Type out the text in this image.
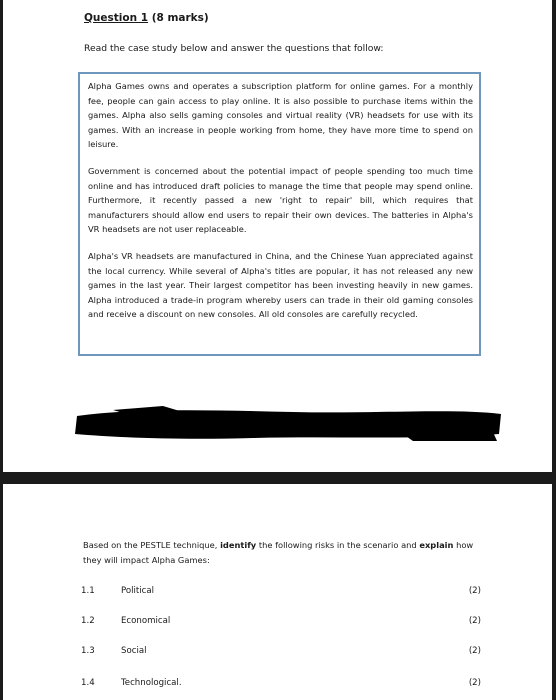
Question 1 (8 marks)
Read the case study below and answer the questions that follow:

Alpha Games owns and operates a subscription platform for online games. For a monthly fee, people can gain access to play online. It is also possible to purchase items within the games. Alpha also sells gaming consoles and virtual reality (VR) headsets for use with its games. With an increase in people working from home, they have more time to spend on leisure.

Government is concerned about the potential impact of people spending too much time online and has introduced draft policies to manage the time that people may spend online. Furthermore, it recently passed a new 'right to repair' bill, which requires that manufacturers should allow end users to repair their own devices. The batteries in Alpha's VR headsets are not user replaceable.

Alpha's VR headsets are manufactured in China, and the Chinese Yuan appreciated against the local currency. While several of Alpha's titles are popular, it has not released any new games in the last year. Their largest competitor has been investing heavily in new games. Alpha introduced a trade-in program whereby users can trade in their old gaming consoles and receive a discount on new consoles. All old consoles are carefully recycled.

Based on the PESTLE technique, identify the following risks in the scenario and explain how they will impact Alpha Games:
1.1	Political	(2)
1.2	Economical	(2)
1.3	Social	(2)
1.4	Technological.	(2)
